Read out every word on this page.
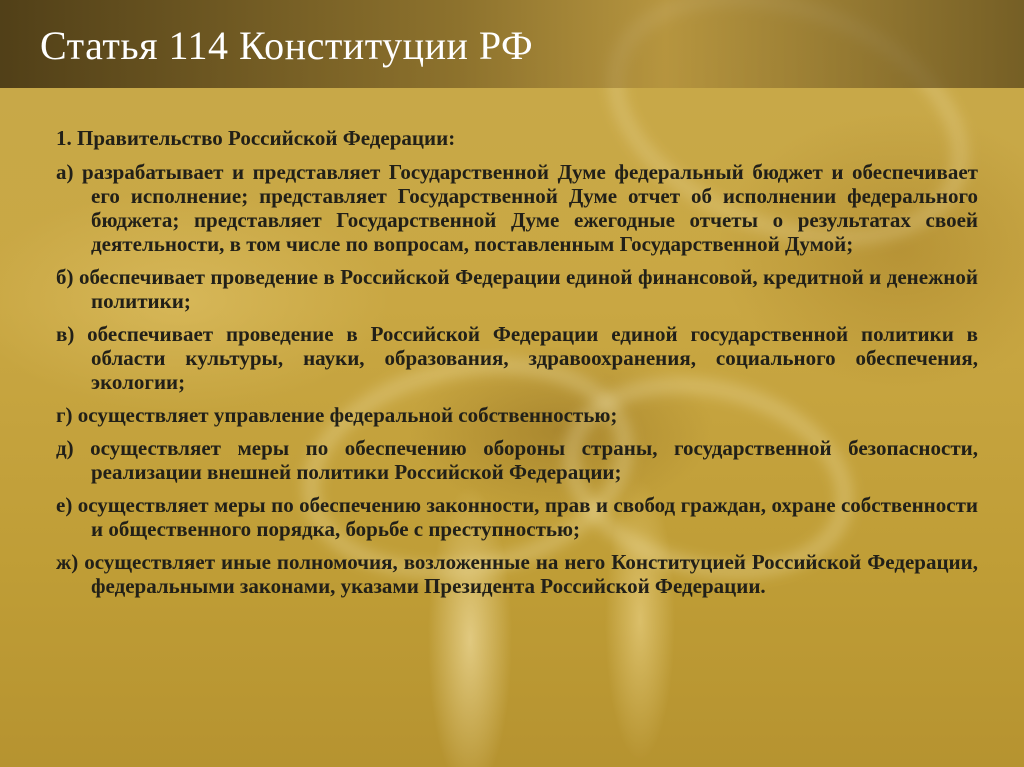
Статья 114 Конституции РФ

1. Правительство Российской Федерации:

а) разрабатывает и представляет Государственной Думе федеральный бюджет и обеспечивает его исполнение; представляет Государственной Думе отчет об исполнении федерального бюджета; представляет Государственной Думе ежегодные отчеты о результатах своей деятельности, в том числе по вопросам, поставленным Государственной Думой;

б) обеспечивает проведение в Российской Федерации единой финансовой, кредитной и денежной политики;

в) обеспечивает проведение в Российской Федерации единой государственной политики в области культуры, науки, образования, здравоохранения, социального обеспечения, экологии;

г) осуществляет управление федеральной собственностью;

д) осуществляет меры по обеспечению обороны страны, государственной безопасности, реализации внешней политики Российской Федерации;

е) осуществляет меры по обеспечению законности, прав и свобод граждан, охране собственности и общественного порядка, борьбе с преступностью;

ж) осуществляет иные полномочия, возложенные на него Конституцией Российской Федерации, федеральными законами, указами Президента Российской Федерации.
